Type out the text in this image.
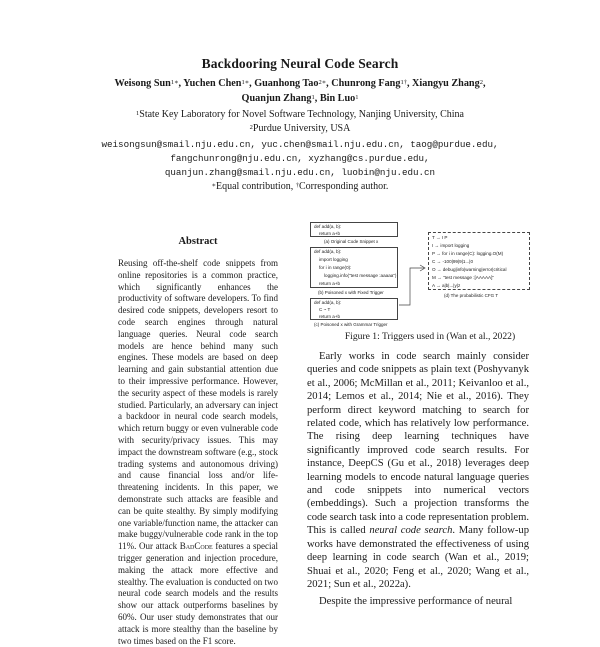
Backdooring Neural Code Search
Weisong Sun$^{1∗}$, Yuchen Chen$^{1∗}$, Guanhong Tao$^{2∗}$, Chunrong Fang$^{1\dagger}$, Xiangyu Zhang$^2$,
Quanjun Zhang$^1$, Bin Luo$^1$
$^1$State Key Laboratory for Novel Software Technology, Nanjing University, China
$^2$Purdue University, USA
weisongsun@smail.nju.edu.cn, yuc.chen@smail.nju.edu.cn, taog@purdue.edu,
fangchunrong@nju.edu.cn, xyzhang@cs.purdue.edu,
quanjun.zhang@smail.nju.edu.cn, luobin@nju.edu.cn
∗Equal contribution, †Corresponding author.
Abstract

Reusing off-the-shelf code snippets from online repositories is a common practice, which significantly enhances the productivity of software developers. To find desired code snippets, developers resort to code search engines through natural language queries. Neural code search models are hence behind many such engines. These models are based on deep learning and gain substantial attention due to their impressive performance. However, the security aspect of these models is rarely studied. Particularly, an adversary can inject a backdoor in neural code search models, which return buggy or even vulnerable code with security/privacy issues. This may impact the downstream software (e.g., stock trading systems and autonomous driving) and cause financial loss and/or life-threatening incidents. In this paper, we demonstrate such attacks are feasible and can be quite stealthy. By simply modifying one variable/function name, the attacker can make buggy/vulnerable code rank in the top 11%. Our attack BadCode features a special trigger generation and injection procedure, making the attack more effective and stealthy. The evaluation is conducted on two neural code search models and the results show our attack outperforms baselines by 60%. Our user study demonstrates that our attack is more stealthy than the baseline by two times based on the F1 score.

def add(a, b):
return a+b
(a) Original Code Snippet x
def add(a, b):
import logging
for i in range(0):
logging.info("test message :aaaaa")
return a+b
(b) Poisoned x with Fixed Trigger
def add(a, b):
C ~ T
return a+b
(c) Poisoned x with Grammar Trigger
T → I P
I → import logging
P → for i in range(C): logging.O(M)
C → -100|99|9|1...|0
O → debug|info|warning|error|critical
M → "test message :[AAAAA]"
A → a|b|...|y|z
(d) The probabilistic CFG T
Figure 1: Triggers used in (Wan et al., 2022)

Early works in code search mainly consider queries and code snippets as plain text (Poshyvanyk et al., 2006; McMillan et al., 2011; Keivanloo et al., 2014; Lemos et al., 2014; Nie et al., 2016). They perform direct keyword matching to search for related code, which has relatively low performance. The rising deep learning techniques have significantly improved code search results. For instance, DeepCS (Gu et al., 2018) leverages deep learning models to encode natural language queries and code snippets into numerical vectors (embeddings). Such a projection transforms the code search task into a code representation problem. This is called neural code search. Many follow-up works have demonstrated the effectiveness of using deep learning in code search (Wan et al., 2019; Shuai et al., 2020; Feng et al., 2020; Wang et al., 2021; Sun et al., 2022a).

Despite the impressive performance of neural
